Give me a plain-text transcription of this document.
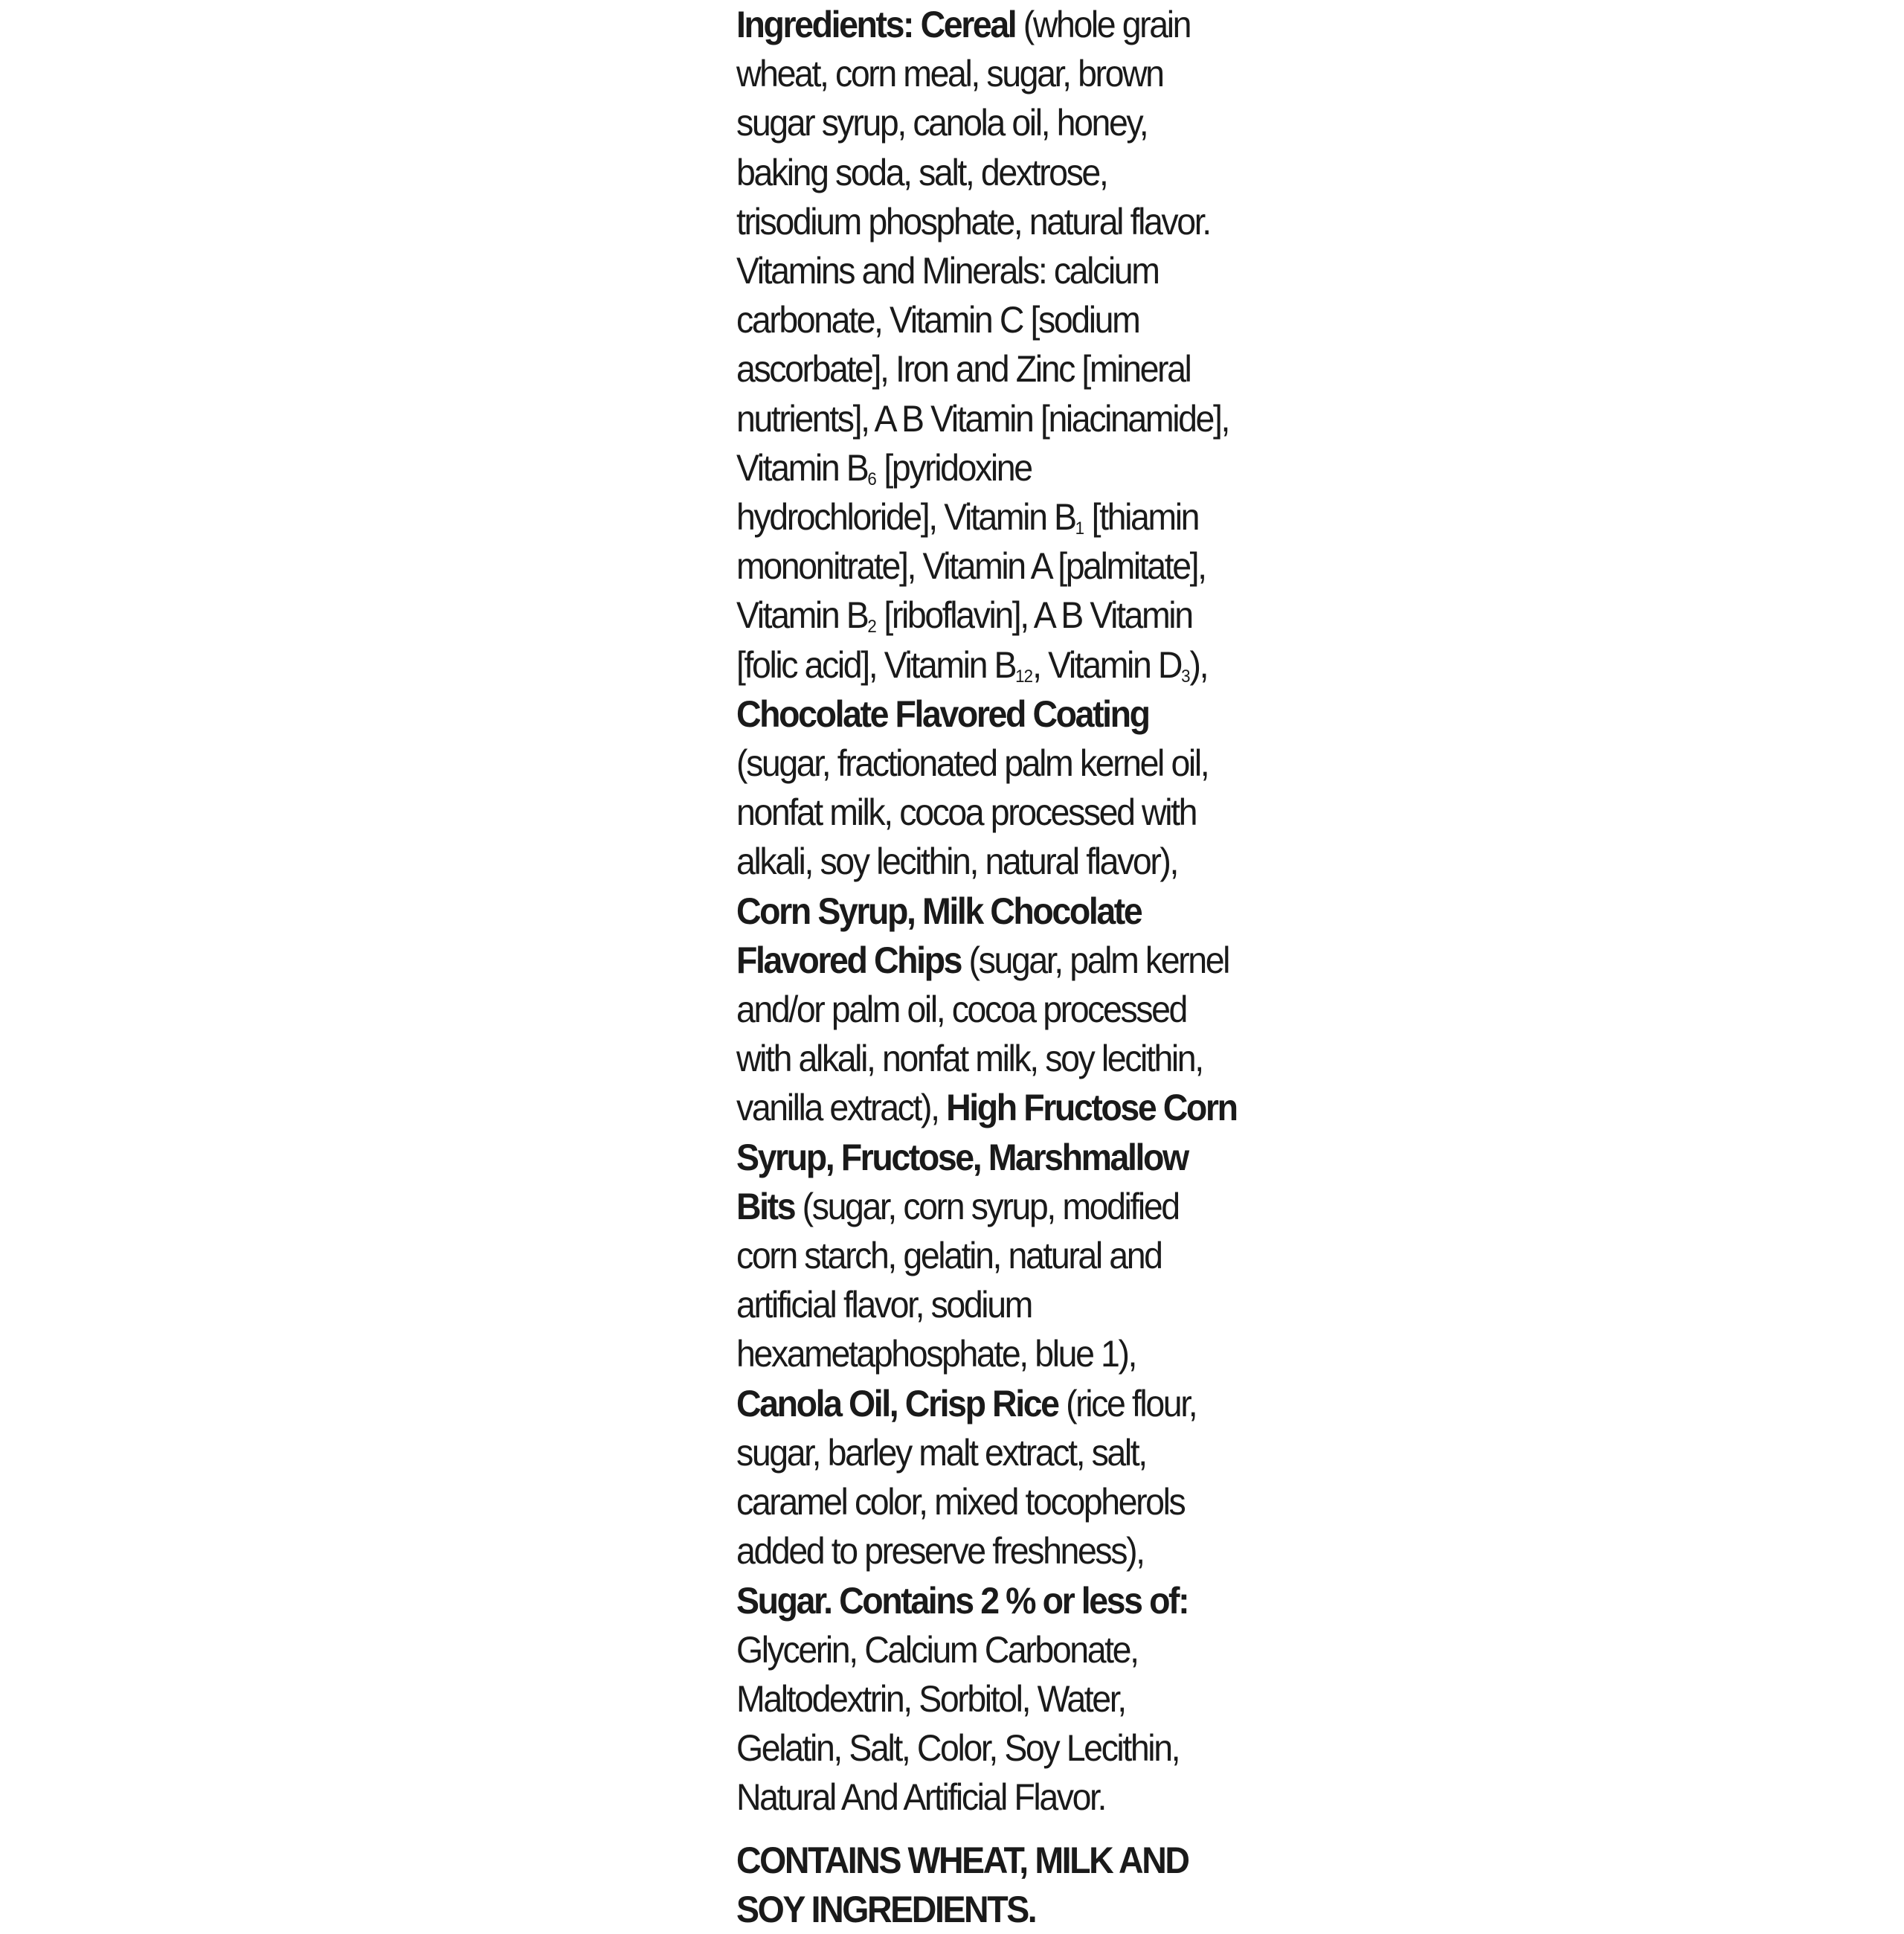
Ingredients: Cereal (whole grain
wheat, corn meal, sugar, brown
sugar syrup, canola oil, honey,
baking soda, salt, dextrose,
trisodium phosphate, natural flavor.
Vitamins and Minerals: calcium
carbonate, Vitamin C [sodium
ascorbate], Iron and Zinc [mineral
nutrients], A B Vitamin [niacinamide],
Vitamin $B_6$ [pyridoxine
hydrochloride], Vitamin $B_1$ [thiamin
mononitrate], Vitamin A [palmitate],
Vitamin $B_2$ [riboflavin], A B Vitamin
[folic acid], Vitamin $B_{12}$, Vitamin $D_3$),
Chocolate Flavored Coating
(sugar, fractionated palm kernel oil,
nonfat milk, cocoa processed with
alkali, soy lecithin, natural flavor),
Corn Syrup, Milk Chocolate
Flavored Chips (sugar, palm kernel
and/or palm oil, cocoa processed
with alkali, nonfat milk, soy lecithin,
vanilla extract), High Fructose Corn
Syrup, Fructose, Marshmallow
Bits (sugar, corn syrup, modified
corn starch, gelatin, natural and
artificial flavor, sodium
hexametaphosphate, blue 1),
Canola Oil, Crisp Rice (rice flour,
sugar, barley malt extract, salt,
caramel color, mixed tocopherols
added to preserve freshness),
Sugar. Contains 2 % or less of:
Glycerin, Calcium Carbonate,
Maltodextrin, Sorbitol, Water,
Gelatin, Salt, Color, Soy Lecithin,
Natural And Artificial Flavor.
CONTAINS WHEAT, MILK AND
SOY INGREDIENTS.
